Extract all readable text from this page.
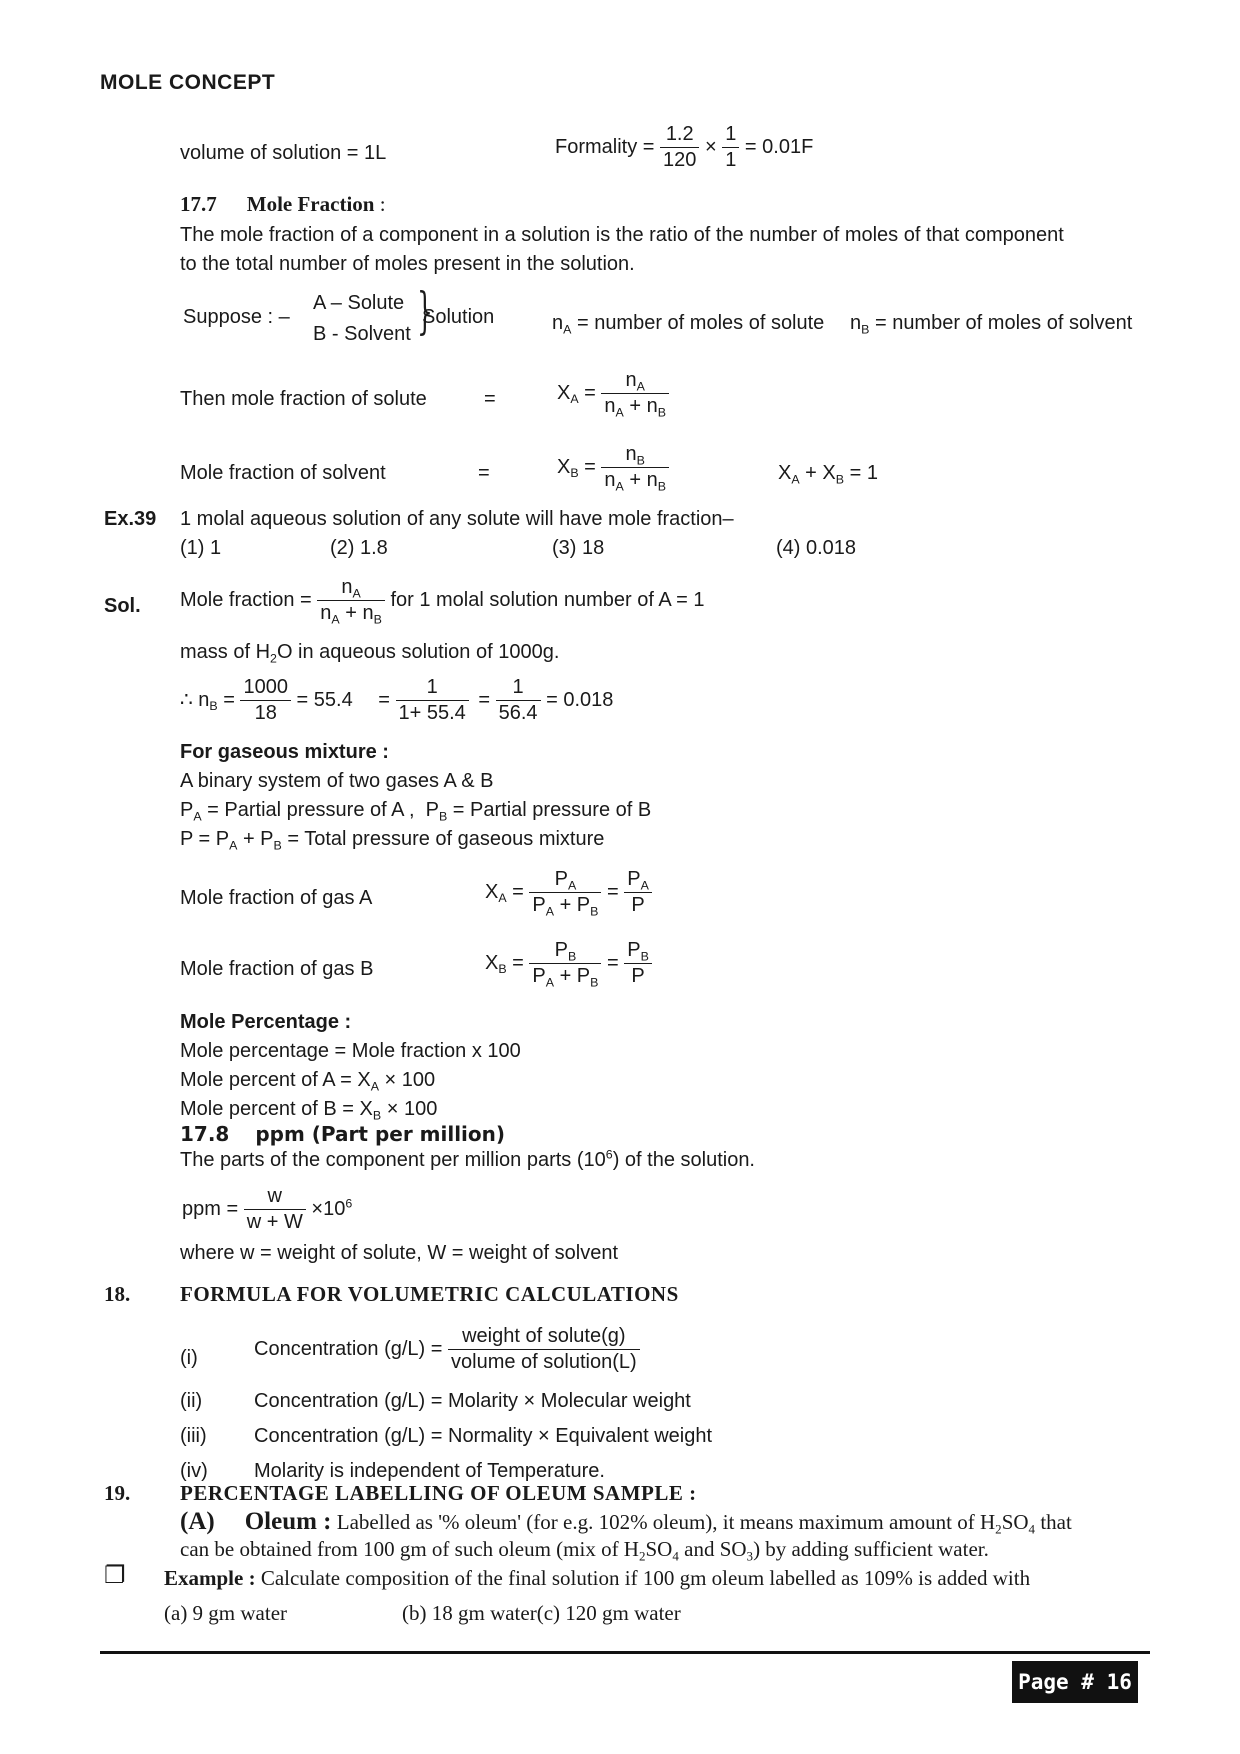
MOLE CONCEPT
volume of solution = 1L	Formality = $\frac{1.2}{120} \times \frac{1}{1} = 0.01F$
17.7 Mole Fraction :
The mole fraction of a component in a solution is the ratio of the number of moles of that component
to the total number of moles present in the solution.
Suppose : –
A – Solute
B - Solvent }
Solution	$n_A$ = number of moles of solute $n_B$ = number of moles of solvent
Then mole fraction of solute	=	$X_A = \frac{n_A}{n_A + n_B}$
Mole fraction of solvent	=	$X_B = \frac{n_B}{n_A + n_B}$	$X_A + X_B = 1$
Ex.39 1 molal aqueous solution of any solute will have mole fraction–
(1) 1	(2) 1.8	(3) 18	(4) 0.018
Sol. Mole fraction = $\frac{n_A}{n_A + n_B}$ for 1 molal solution number of A = 1
mass of $H_2O$ in aqueous solution of 1000g.
∴ $n_B = \frac{1000}{18} = 55.4 = \frac{1}{1+ 55.4} = \frac{1}{56.4} = 0.018$
For gaseous mixture :
A binary system of two gases A & B
$P_A$ = Partial pressure of A ,  $P_B$ = Partial pressure of B
$P = P_A + P_B$ = Total pressure of gaseous mixture
Mole fraction of gas A	$X_A = \frac{P_A}{P_A + P_B} = \frac{P_A}{P}$
Mole fraction of gas B	$X_B = \frac{P_B}{P_A + P_B} = \frac{P_B}{P}$
Mole Percentage :
Mole percentage = Mole fraction x 100
Mole percent of $A = X_A \times 100$
Mole percent of $B = X_B \times 100$
17.8 ppm (Part per million)
The parts of the component per million parts $(10^6)$ of the solution.
ppm = $\frac{w}{w + W} \times 10^6$
where w = weight of solute, W = weight of solvent
18. FORMULA FOR VOLUMETRIC CALCULATIONS
(i)	Concentration $(g/L) = \frac{\text{weight of solute(g)}}{\text{volume of solution(L)}}$
(ii)	Concentration (g/L) = Molarity × Molecular weight
(iii) Concentration (g/L) = Normality × Equivalent weight
(iv) Molarity is independent of Temperature.
19. PERCENTAGE LABELLING OF OLEUM SAMPLE :
(A) Oleum : Labelled as '% oleum' (for e.g. 102% oleum), it means maximum amount of $H_2SO_4$ that
can be obtained from 100 gm of such oleum (mix of $H_2SO_4$ and $SO_3$) by adding sufficient water.
❐ Example : Calculate composition of the final solution if 100 gm oleum labelled as 109% is added with
(a) 9 gm water	(b) 18 gm water(c) 120 gm water
Page # 16
